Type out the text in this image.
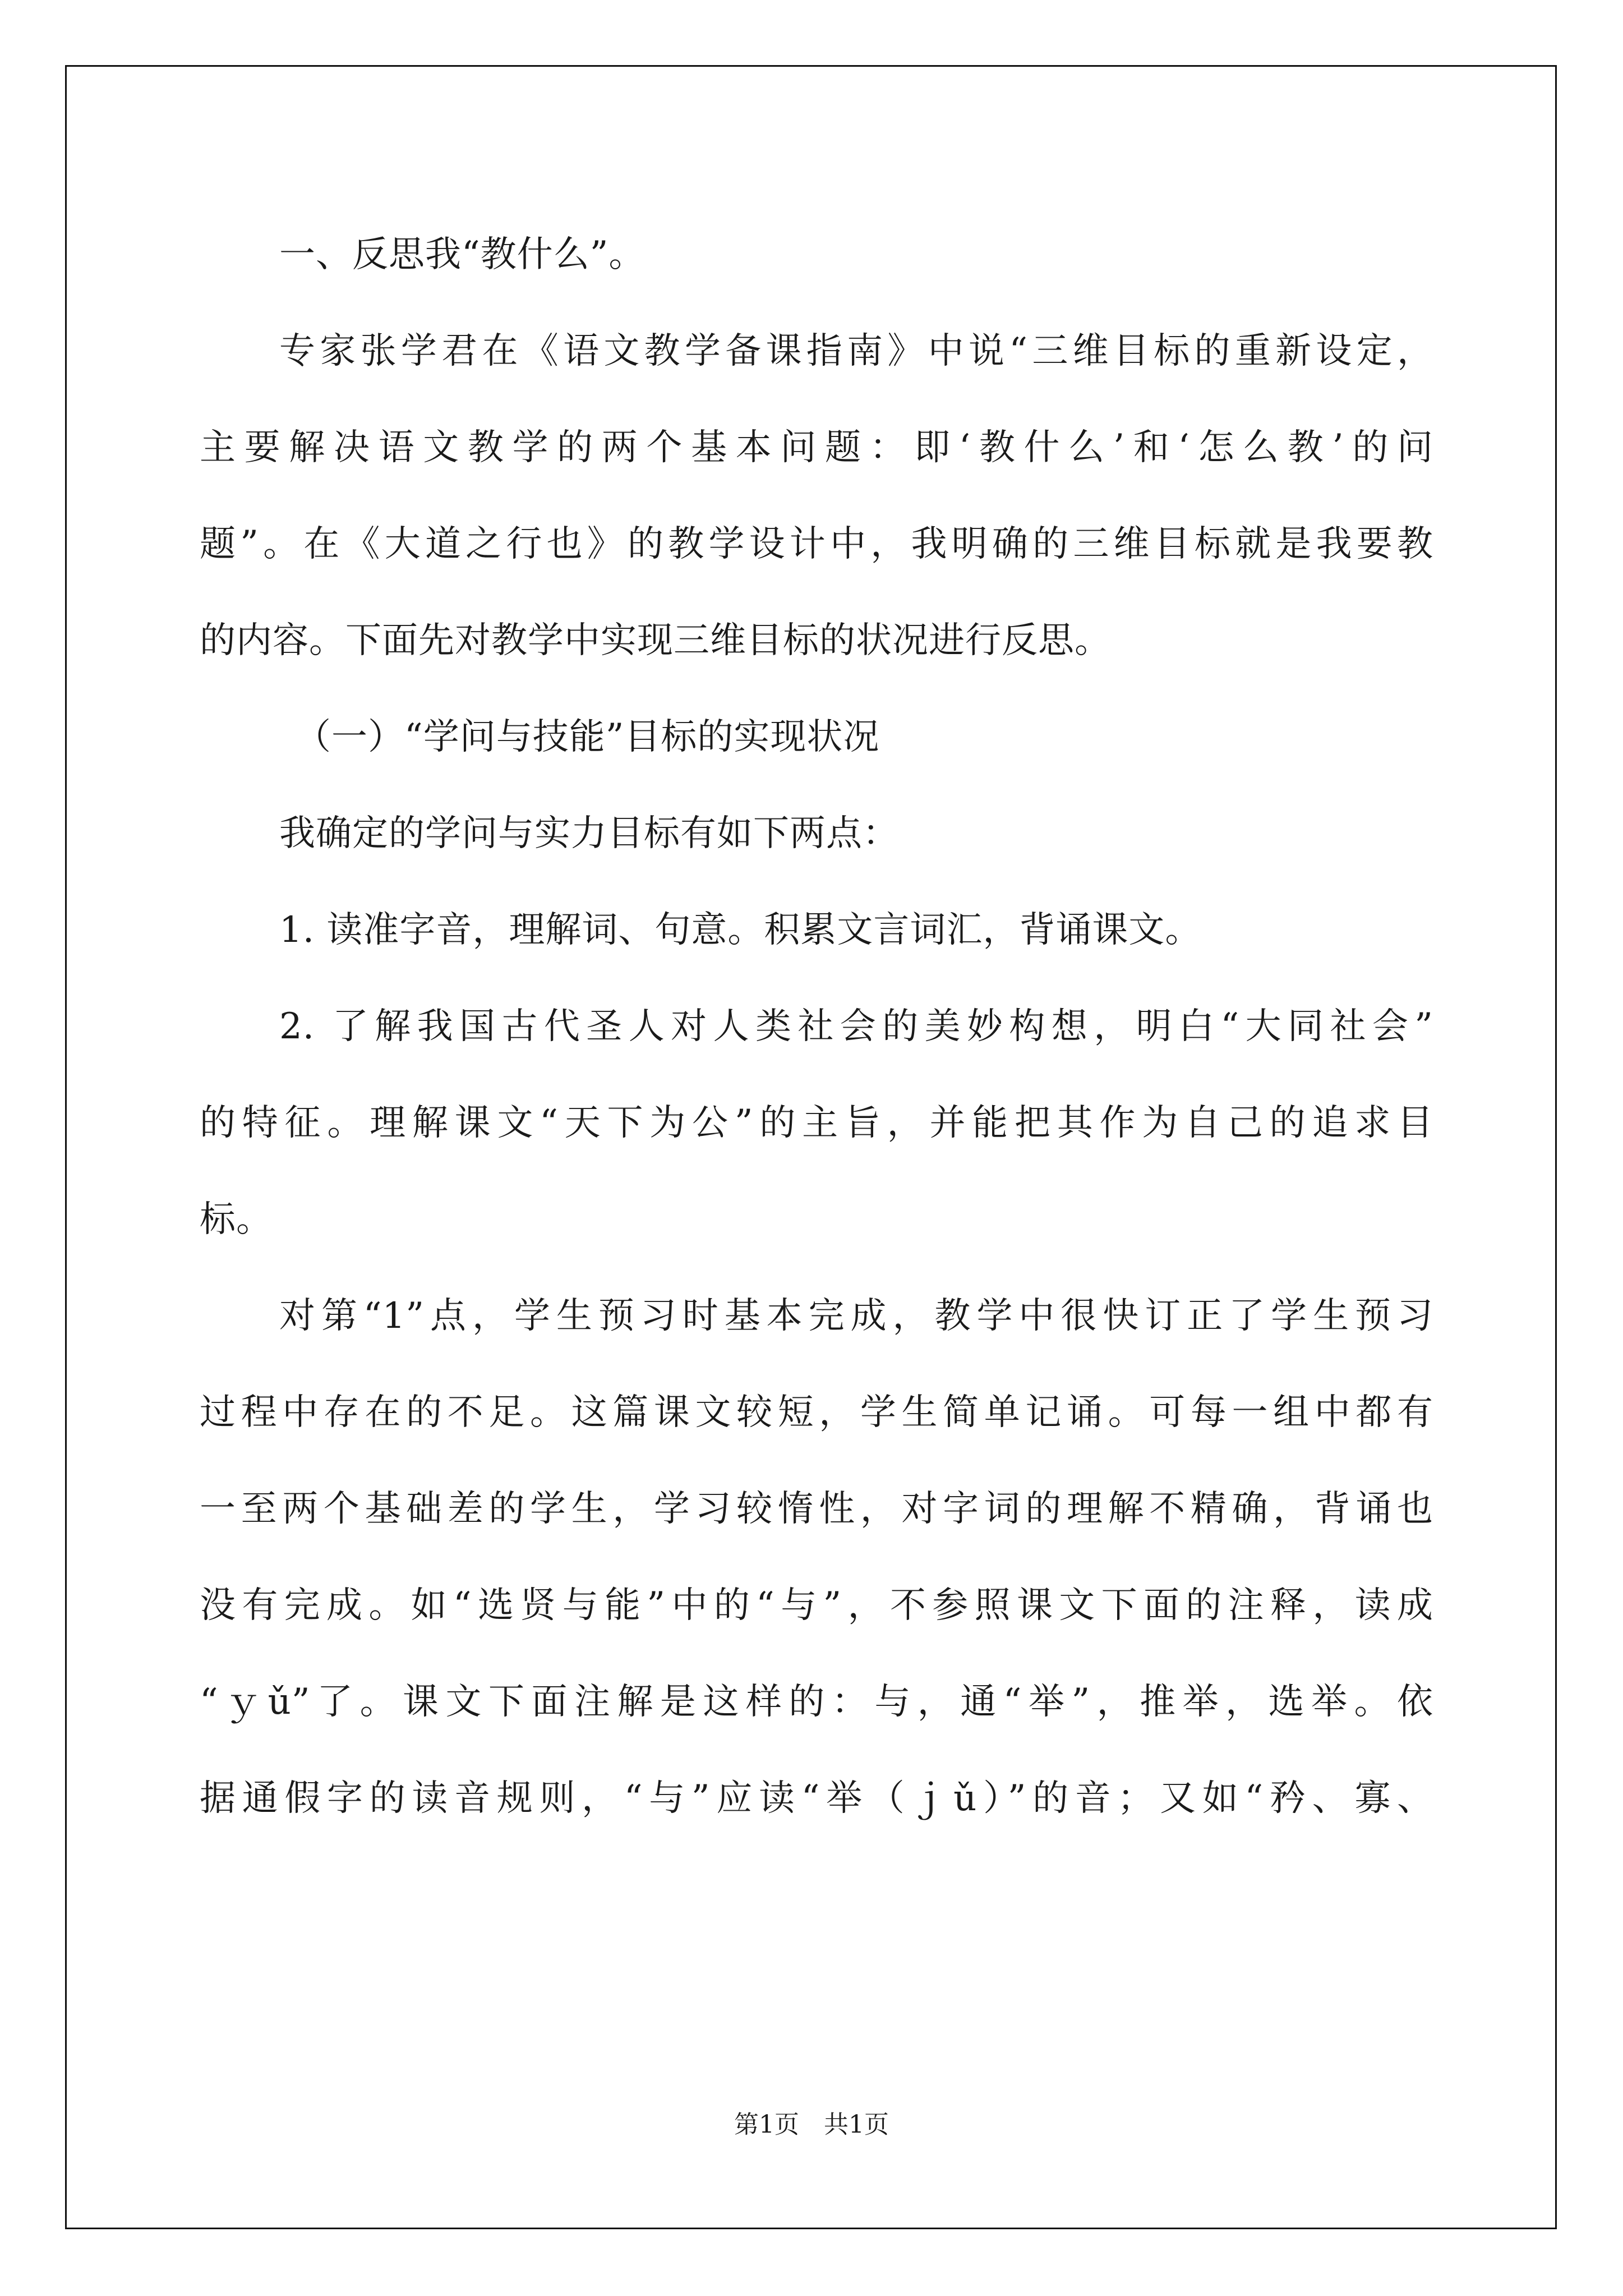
一、反思我“教什么”。
专家张学君在《语文教学备课指南》中说“三维目标的重新设定，
主要解决语文教学的两个基本问题：即‘教什么’和‘怎么教’的问
题”。在《大道之行也》的教学设计中，我明确的三维目标就是我要教
的内容。下面先对教学中实现三维目标的状况进行反思。
（一）“学问与技能”目标的实现状况
我确定的学问与实力目标有如下两点：
1. 读准字音，理解词、句意。积累文言词汇，背诵课文。
2. 了解我国古代圣人对人类社会的美妙构想，明白“大同社会”
的特征。理解课文“天下为公”的主旨，并能把其作为自己的追求目
标。
对第“1”点，学生预习时基本完成，教学中很快订正了学生预习
过程中存在的不足。这篇课文较短，学生简单记诵。可每一组中都有
一至两个基础差的学生，学习较惰性，对字词的理解不精确，背诵也
没有完成。如“选贤与能”中的“与”，不参照课文下面的注释，读成
“ｙǔ”了。课文下面注解是这样的：与，通“举”，推举，选举。依
据通假字的读音规则，“与”应读“举（ｊǔ）”的音；又如“矜、寡、
第1页 共1页
